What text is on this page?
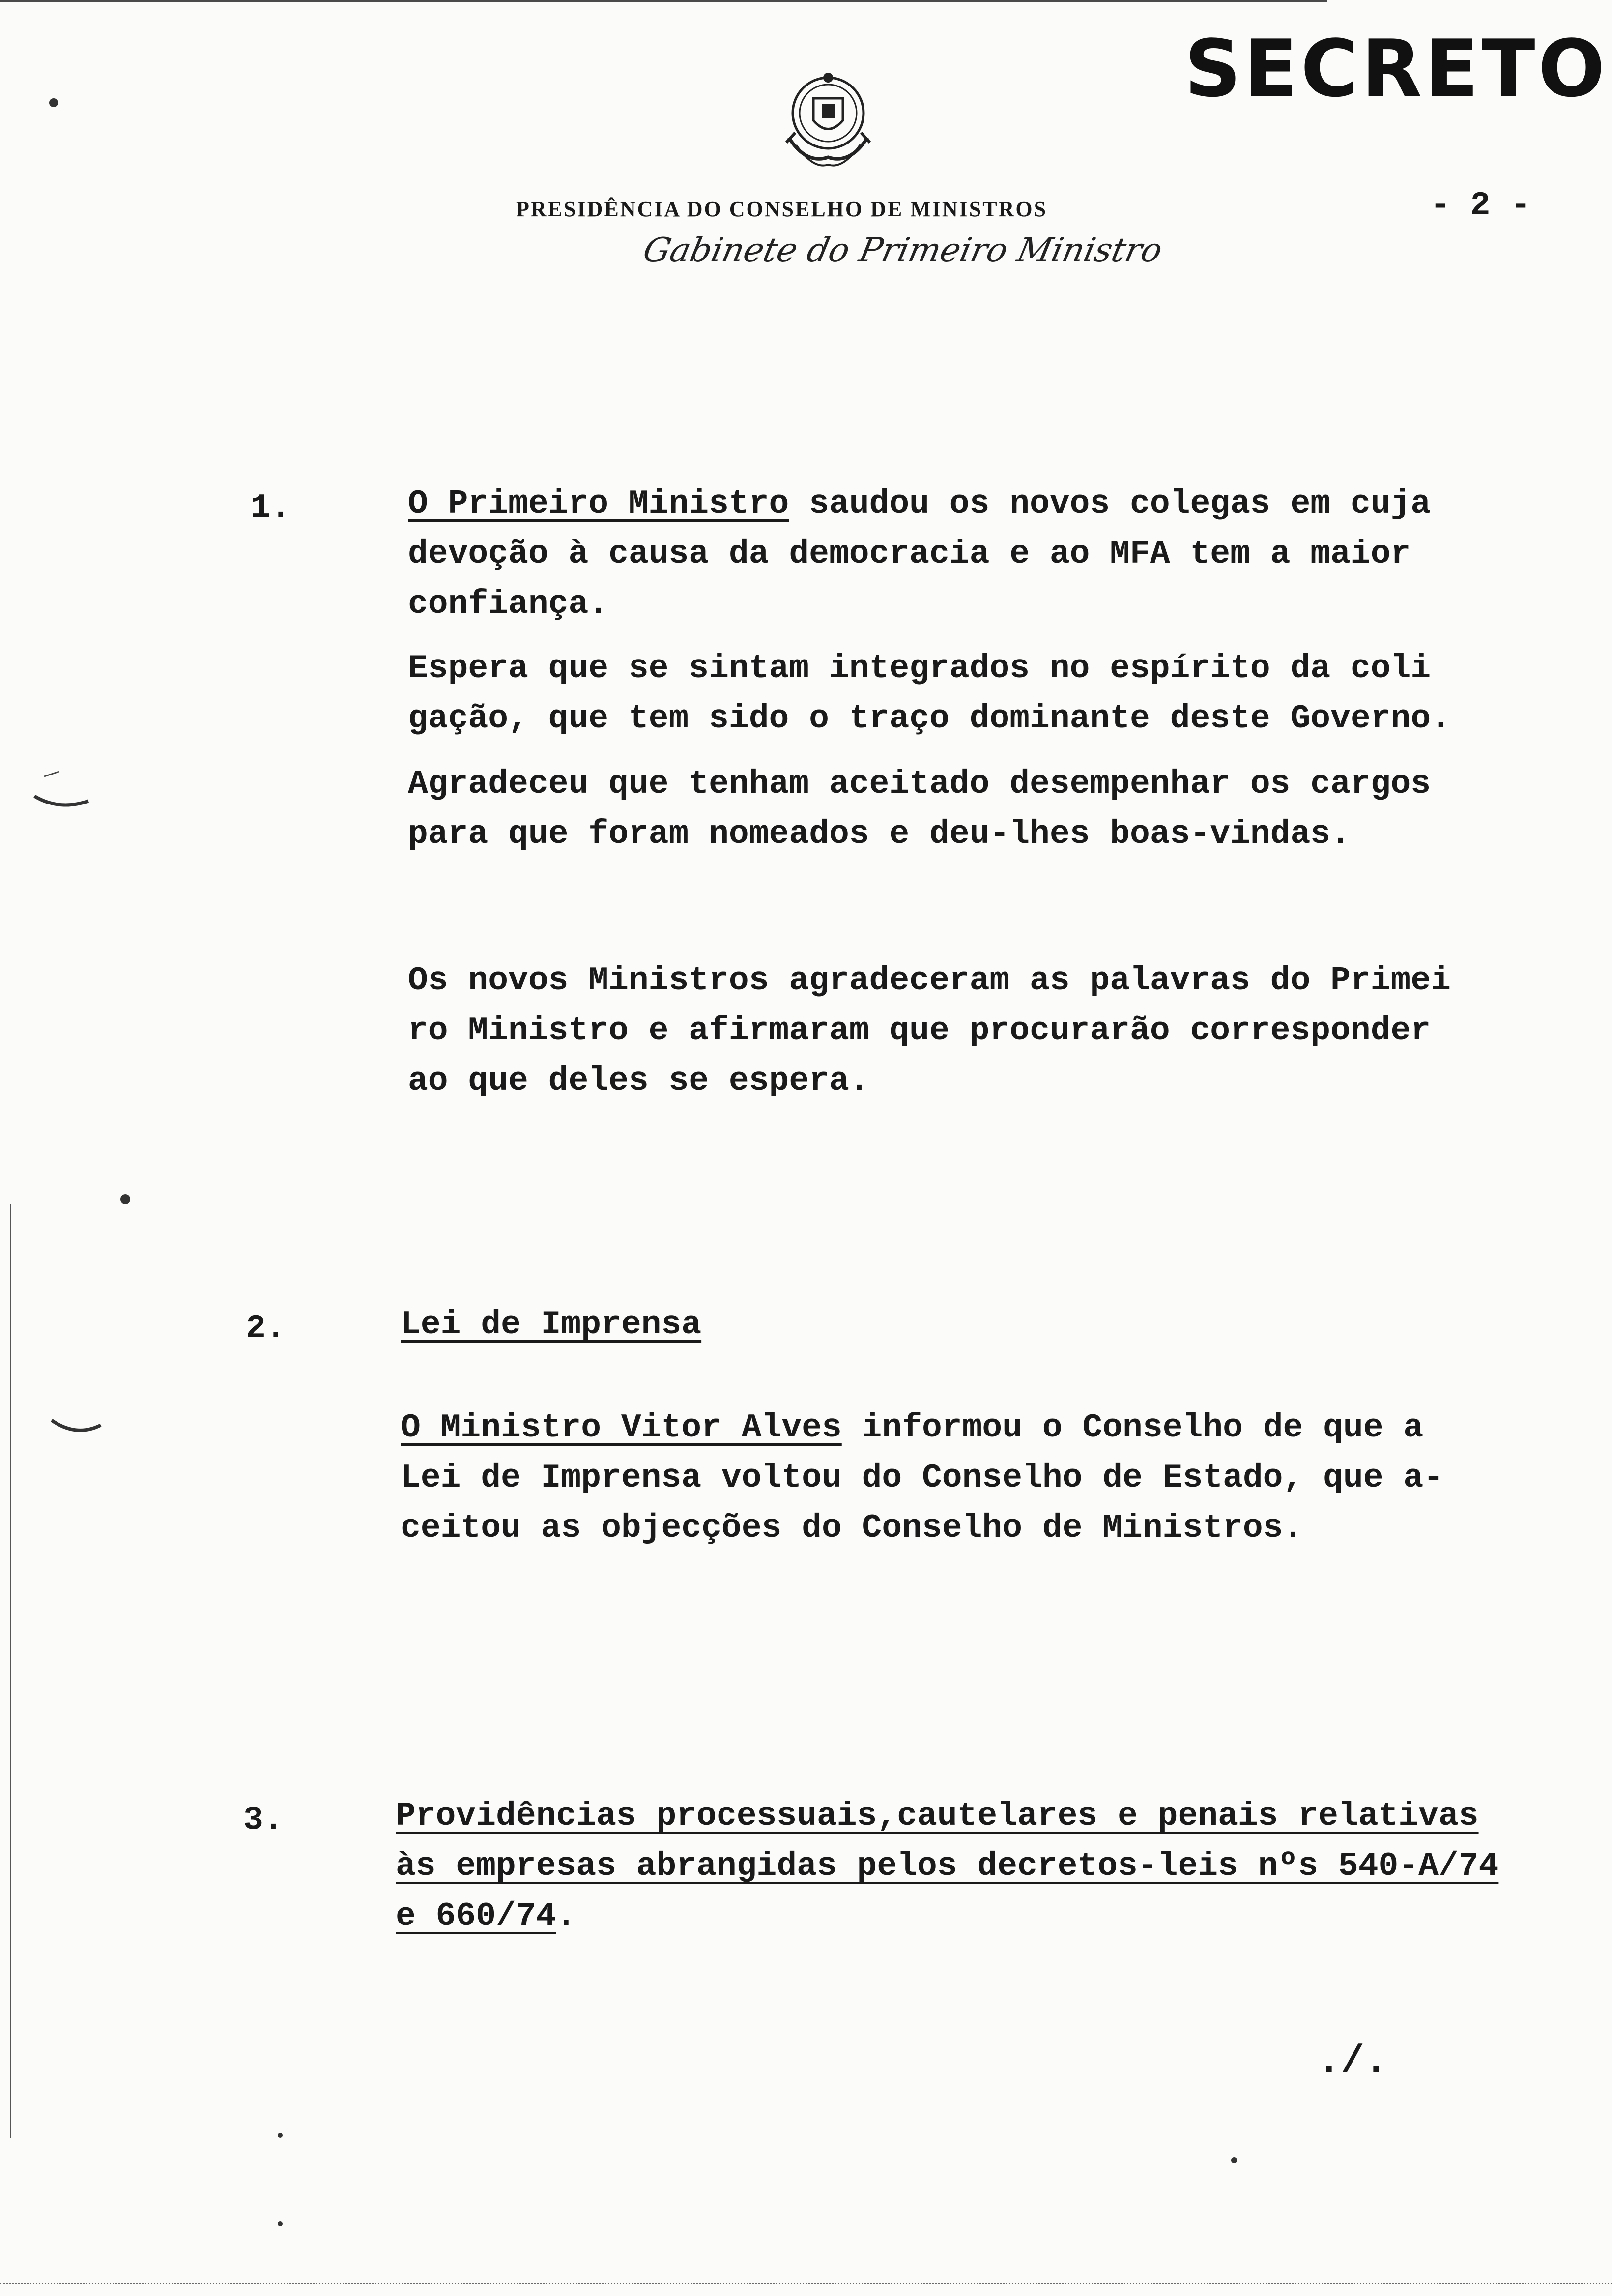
SECRETO
PRESIDÊNCIA DO CONSELHO DE MINISTROS
Gabinete do Primeiro Ministro
- 2 -
1.	O Primeiro Ministro saudou os novos colegas em cuja
devoção à causa da democracia e ao MFA tem a maior
confiança.
Espera que se sintam integrados no espírito da coli
gação, que tem sido o traço dominante deste Governo.
Agradeceu que tenham aceitado desempenhar os cargos
para que foram nomeados e deu-lhes boas-vindas.
Os novos Ministros agradeceram as palavras do Primei
ro Ministro e afirmaram que procurarão corresponder
ao que deles se espera.
2.	Lei de Imprensa
O Ministro Vitor Alves informou o Conselho de que a
Lei de Imprensa voltou do Conselho de Estado, que a-
ceitou as objecções do Conselho de Ministros.
3.	Providências processuais,cautelares e penais relativas
às empresas abrangidas pelos decretos-leis nºs 540-A/74
e 660/74.
./.
